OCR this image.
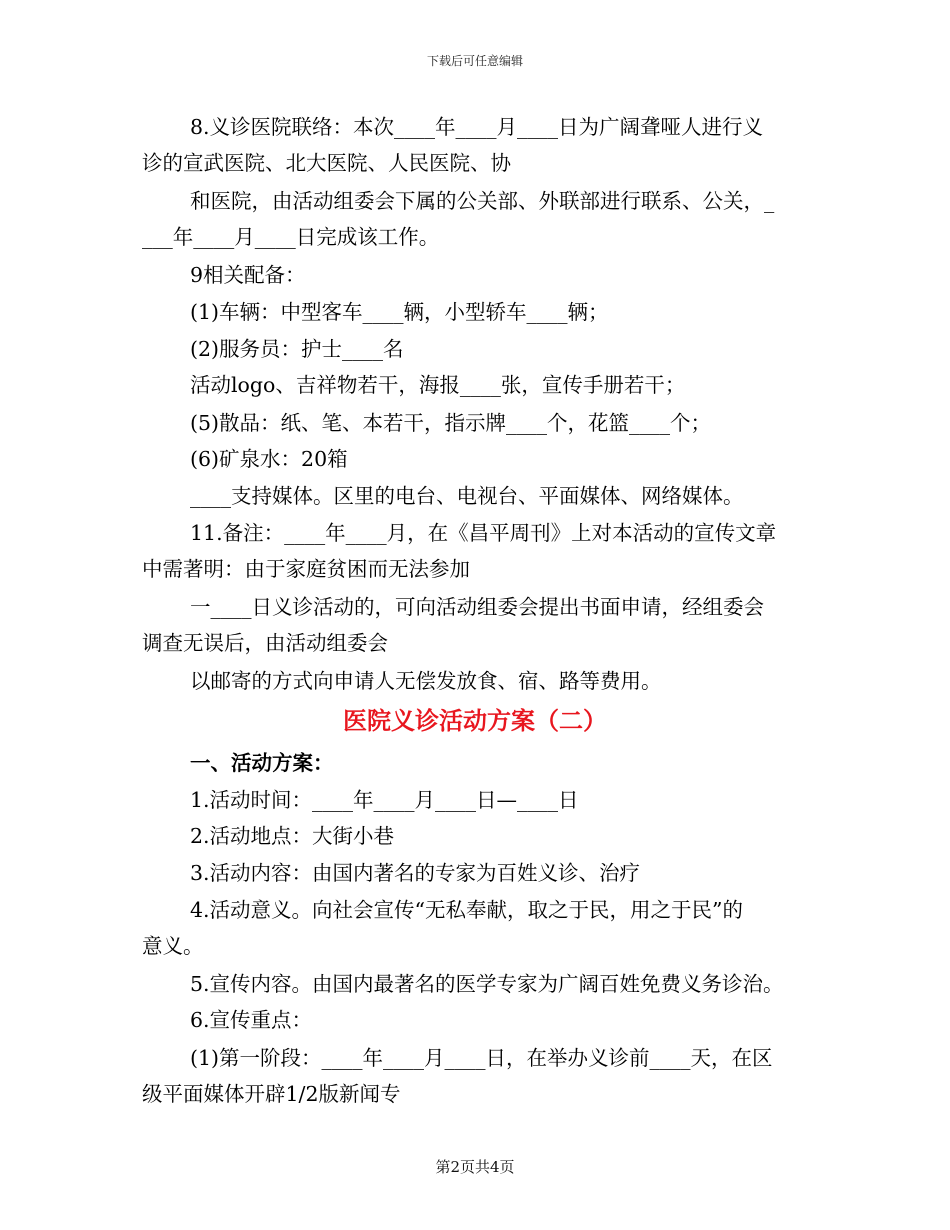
下载后可任意编辑
8.义诊医院联络：本次____年____月____日为广阔聋哑人进行义
诊的宣武医院、北大医院、人民医院、协
和医院，由活动组委会下属的公关部、外联部进行联系、公关，_
___年____月____日完成该工作。
9相关配备：
(1)车辆：中型客车____辆，小型轿车____辆；
(2)服务员：护士____名
活动logo、吉祥物若干，海报____张，宣传手册若干；
(5)散品：纸、笔、本若干，指示牌____个，花篮____个；
(6)矿泉水：20箱
____支持媒体。区里的电台、电视台、平面媒体、网络媒体。
11.备注：____年____月，在《昌平周刊》上对本活动的宣传文章
中需著明：由于家庭贫困而无法参加
一____日义诊活动的，可向活动组委会提出书面申请，经组委会
调查无误后，由活动组委会
以邮寄的方式向申请人无偿发放食、宿、路等费用。
医院义诊活动方案（二）
一、活动方案：
1.活动时间：____年____月____日—____日
2.活动地点：大街小巷
3.活动内容：由国内著名的专家为百姓义诊、治疗
4.活动意义。向社会宣传“无私奉献，取之于民，用之于民”的
意义。
5.宣传内容。由国内最著名的医学专家为广阔百姓免费义务诊治。
6.宣传重点：
(1)第一阶段：____年____月____日，在举办义诊前____天，在区
级平面媒体开辟1/2版新闻专
第2页共4页
